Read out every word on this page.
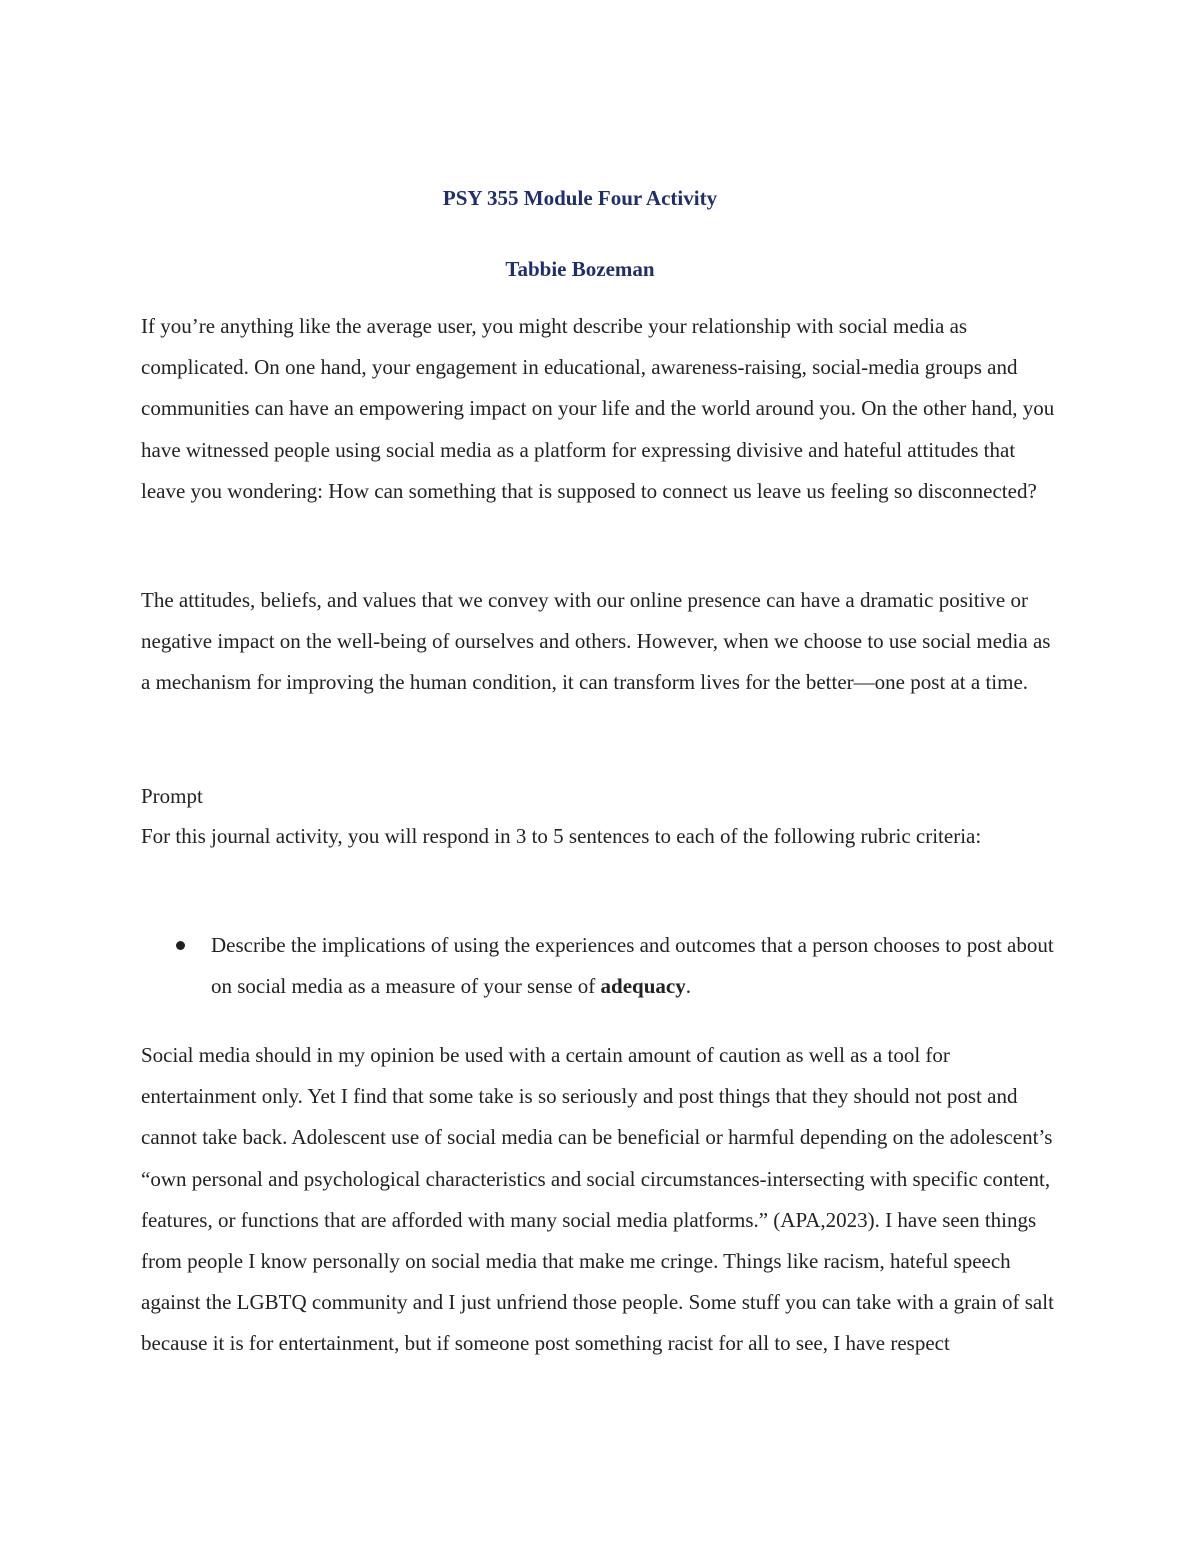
PSY 355 Module Four Activity
Tabbie Bozeman

If you’re anything like the average user, you might describe your relationship with social media as complicated. On one hand, your engagement in educational, awareness-raising, social-media groups and communities can have an empowering impact on your life and the world around you. On the other hand, you have witnessed people using social media as a platform for expressing divisive and hateful attitudes that leave you wondering: How can something that is supposed to connect us leave us feeling so disconnected?

The attitudes, beliefs, and values that we convey with our online presence can have a dramatic positive or negative impact on the well-being of ourselves and others. However, when we choose to use social media as a mechanism for improving the human condition, it can transform lives for the better—one post at a time.

Prompt

For this journal activity, you will respond in 3 to 5 sentences to each of the following rubric criteria:

Describe the implications of using the experiences and outcomes that a person chooses to post about on social media as a measure of your sense of adequacy.

Social media should in my opinion be used with a certain amount of caution as well as a tool for entertainment only. Yet I find that some take is so seriously and post things that they should not post and cannot take back. Adolescent use of social media can be beneficial or harmful depending on the adolescent’s “own personal and psychological characteristics and social circumstances-intersecting with specific content, features, or functions that are afforded with many social media platforms.” (APA,2023). I have seen things from people I know personally on social media that make me cringe. Things like racism, hateful speech against the LGBTQ community and I just unfriend those people. Some stuff you can take with a grain of salt because it is for entertainment, but if someone post something racist for all to see, I have respect
